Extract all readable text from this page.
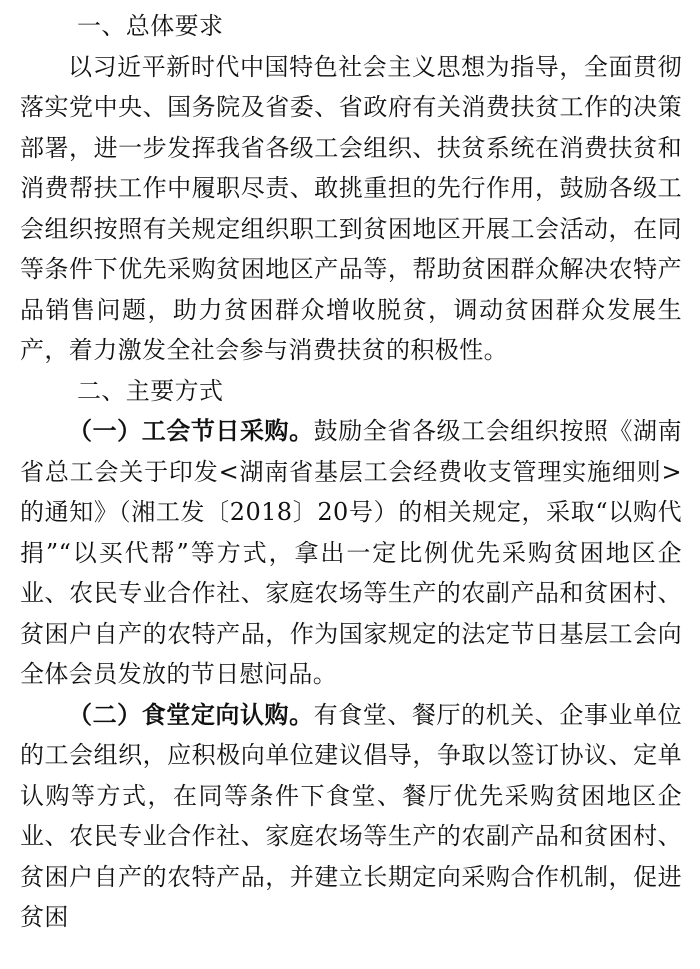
一、总体要求

以习近平新时代中国特色社会主义思想为指导，全面贯彻落实党中央、国务院及省委、省政府有关消费扶贫工作的决策部署，进一步发挥我省各级工会组织、扶贫系统在消费扶贫和消费帮扶工作中履职尽责、敢挑重担的先行作用，鼓励各级工会组织按照有关规定组织职工到贫困地区开展工会活动，在同等条件下优先采购贫困地区产品等，帮助贫困群众解决农特产品销售问题，助力贫困群众增收脱贫，调动贫困群众发展生产，着力激发全社会参与消费扶贫的积极性。

二、主要方式

（一）工会节日采购。鼓励全省各级工会组织按照《湖南省总工会关于印发<湖南省基层工会经费收支管理实施细则>的通知》（湘工发〔2018〕20号）的相关规定，采取“以购代捐”“以买代帮”等方式，拿出一定比例优先采购贫困地区企业、农民专业合作社、家庭农场等生产的农副产品和贫困村、贫困户自产的农特产品，作为国家规定的法定节日基层工会向全体会员发放的节日慰问品。

（二）食堂定向认购。有食堂、餐厅的机关、企事业单位的工会组织，应积极向单位建议倡导，争取以签订协议、定单认购等方式，在同等条件下食堂、餐厅优先采购贫困地区企业、农民专业合作社、家庭农场等生产的农副产品和贫困村、贫困户自产的农特产品，并建立长期定向采购合作机制，促进贫困
